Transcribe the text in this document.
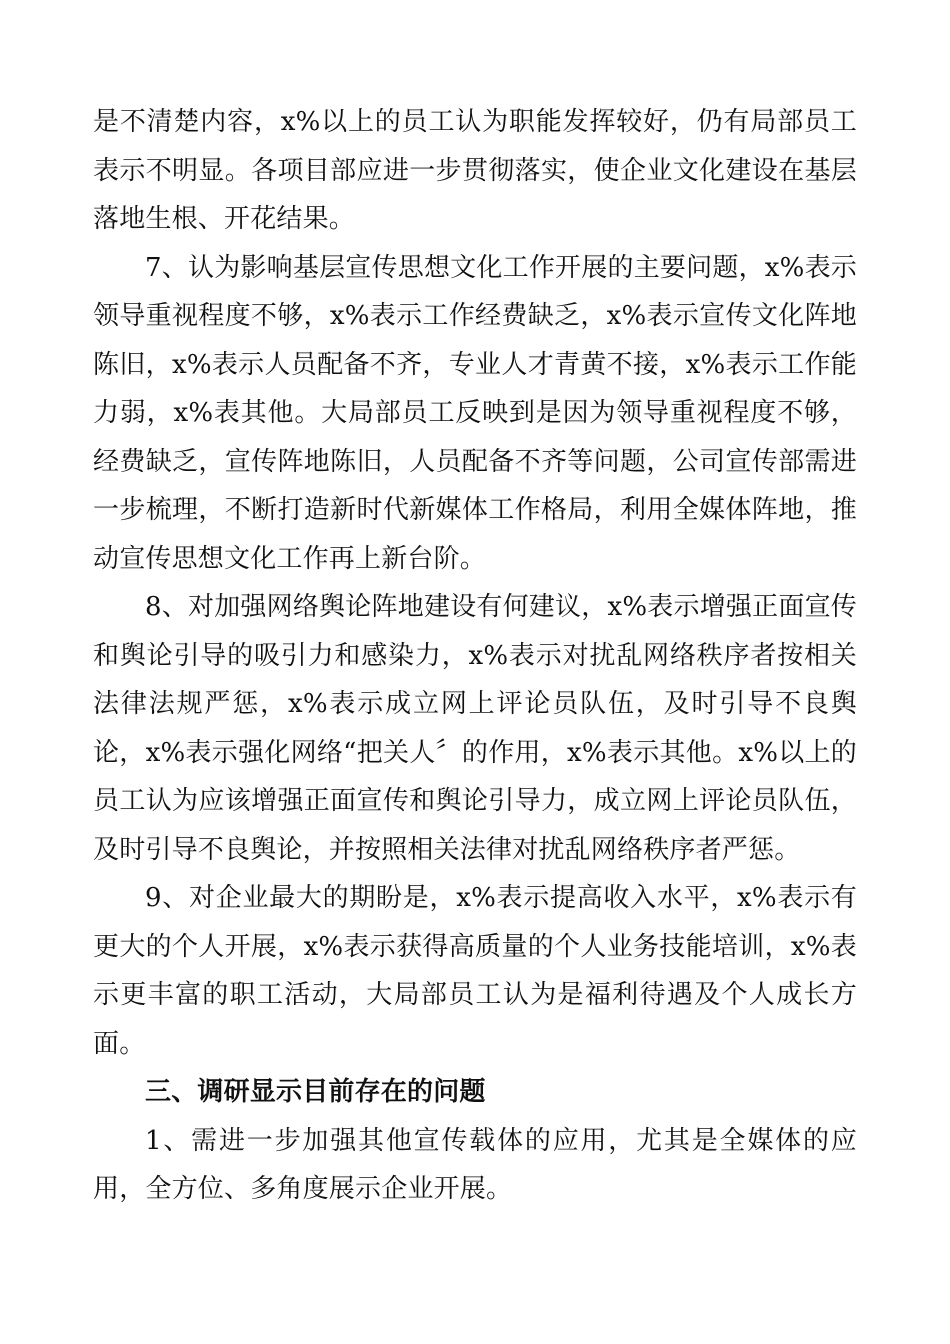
是不清楚内容，x%以上的员工认为职能发挥较好，仍有局部员工表示不明显。各项目部应进一步贯彻落实，使企业文化建设在基层落地生根、开花结果。

7、认为影响基层宣传思想文化工作开展的主要问题，x%表示领导重视程度不够，x%表示工作经费缺乏，x%表示宣传文化阵地陈旧，x%表示人员配备不齐，专业人才青黄不接，x%表示工作能力弱，x%表其他。大局部员工反映到是因为领导重视程度不够，经费缺乏，宣传阵地陈旧，人员配备不齐等问题，公司宣传部需进一步梳理，不断打造新时代新媒体工作格局，利用全媒体阵地，推动宣传思想文化工作再上新台阶。

8、对加强网络舆论阵地建设有何建议，x%表示增强正面宣传和舆论引导的吸引力和感染力，x%表示对扰乱网络秩序者按相关法律法规严惩，x%表示成立网上评论员队伍，及时引导不良舆论，x%表示强化网络“把关人〞的作用，x%表示其他。x%以上的员工认为应该增强正面宣传和舆论引导力，成立网上评论员队伍，及时引导不良舆论，并按照相关法律对扰乱网络秩序者严惩。

9、对企业最大的期盼是，x%表示提高收入水平，x%表示有更大的个人开展，x%表示获得高质量的个人业务技能培训，x%表示更丰富的职工活动，大局部员工认为是福利待遇及个人成长方面。

三、调研显示目前存在的问题

1、需进一步加强其他宣传载体的应用，尤其是全媒体的应用，全方位、多角度展示企业开展。
